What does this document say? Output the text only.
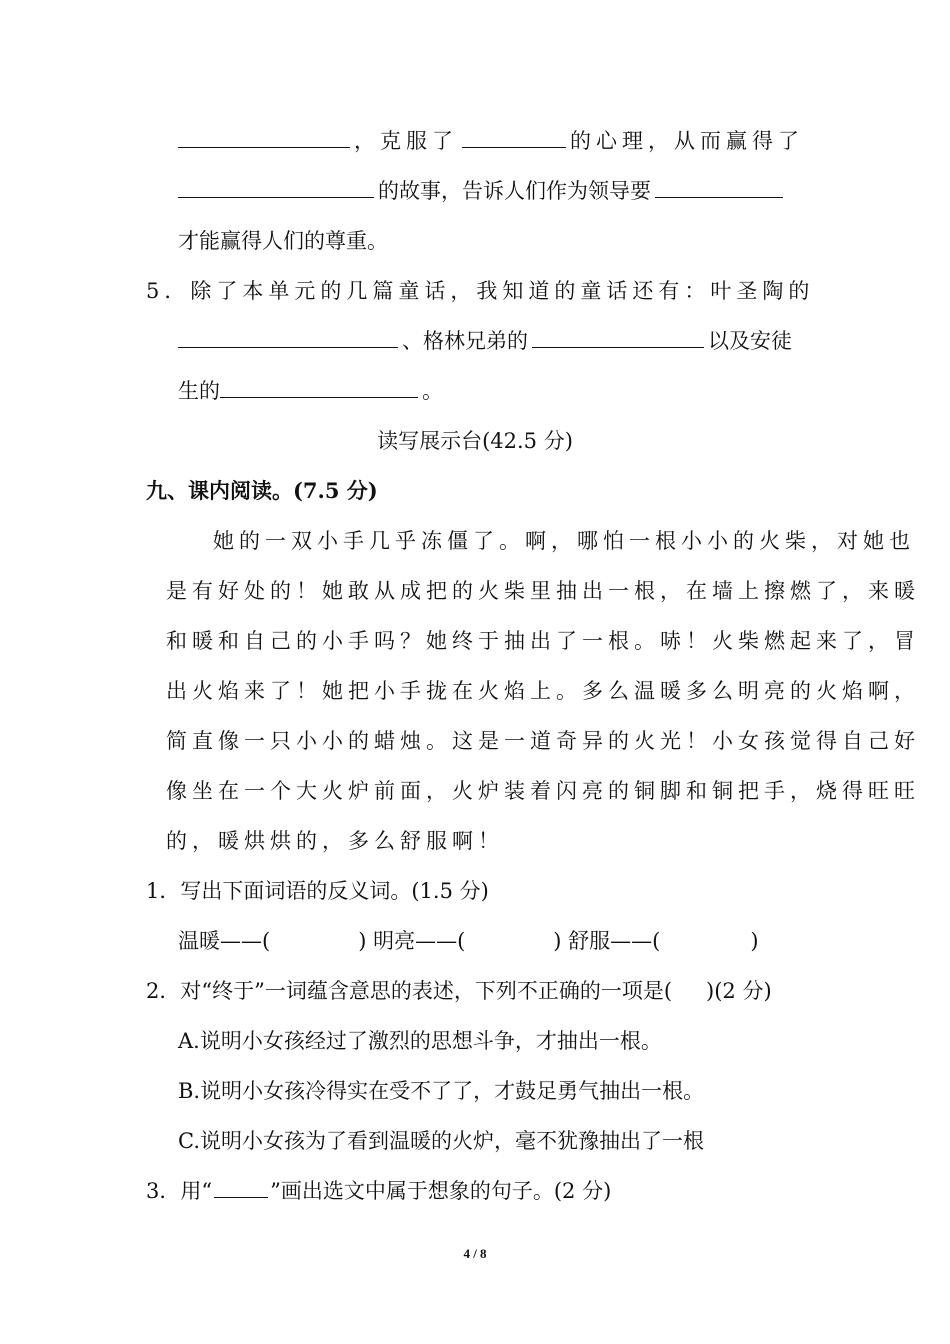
，克服了	的心理，从而赢得了
的故事，告诉人们作为领导要
才能赢得人们的尊重。
5．除了本单元的几篇童话，我知道的童话还有：叶圣陶的
、格林兄弟的	以及安徒
生的	。
读写展示台(42.5 分)
九、课内阅读。(7.5 分)
她的一双小手几乎冻僵了。啊，哪怕一根小小的火柴，对她也
是有好处的！她敢从成把的火柴里抽出一根，在墙上擦燃了，来暖
和暖和自己的小手吗？她终于抽出了一根。哧！火柴燃起来了，冒
出火焰来了！她把小手拢在火焰上。多么温暖多么明亮的火焰啊，
简直像一只小小的蜡烛。这是一道奇异的火光！小女孩觉得自己好
像坐在一个大火炉前面，火炉装着闪亮的铜脚和铜把手，烧得旺旺
的，暖烘烘的，多么舒服啊！
1．写出下面词语的反义词。(1.5 分)
温暖——(	) 明亮——(	) 舒服——(	)
2．对“终于”一词蕴含意思的表述，下列不正确的一项是( )(2 分)
A.说明小女孩经过了激烈的思想斗争，才抽出一根。
B.说明小女孩冷得实在受不了了，才鼓足勇气抽出一根。
C.说明小女孩为了看到温暖的火炉，毫不犹豫抽出了一根
3．用“	”画出选文中属于想象的句子。(2 分)
4 / 8
